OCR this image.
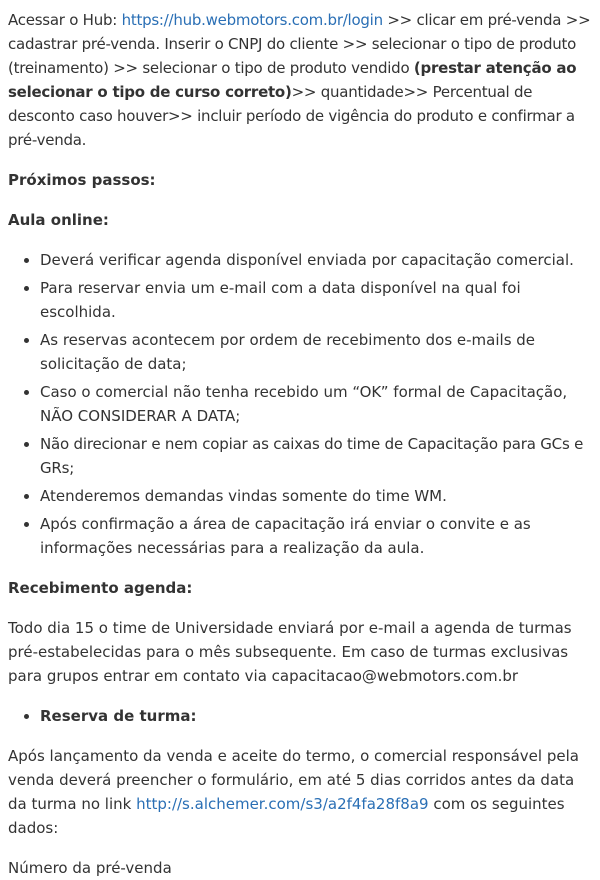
Acessar o Hub: https://hub.webmotors.com.br/login >> clicar em pré-venda >> cadastrar pré-venda. Inserir o CNPJ do cliente >> selecionar o tipo de produto (treinamento) >> selecionar o tipo de produto vendido (prestar atenção ao selecionar o tipo de curso correto)>> quantidade>> Percentual de desconto caso houver>> incluir período de vigência do produto e confirmar a pré-venda.

Próximos passos:

Aula online:

• Deverá verificar agenda disponível enviada por capacitação comercial.
• Para reservar envia um e-mail com a data disponível na qual foi escolhida.
• As reservas acontecem por ordem de recebimento dos e-mails de solicitação de data;
• Caso o comercial não tenha recebido um “OK” formal de Capacitação, NÃO CONSIDERAR A DATA;
• Não direcionar e nem copiar as caixas do time de Capacitação para GCs e GRs;
• Atenderemos demandas vindas somente do time WM.
• Após confirmação a área de capacitação irá enviar o convite e as informações necessárias para a realização da aula.

Recebimento agenda:

Todo dia 15 o time de Universidade enviará por e-mail a agenda de turmas pré-estabelecidas para o mês subsequente. Em caso de turmas exclusivas para grupos entrar em contato via capacitacao@webmotors.com.br

• Reserva de turma:

Após lançamento da venda e aceite do termo, o comercial responsável pela venda deverá preencher o formulário, em até 5 dias corridos antes da data da turma no link http://s.alchemer.com/s3/a2f4fa28f8a9 com os seguintes dados:

Número da pré-venda
